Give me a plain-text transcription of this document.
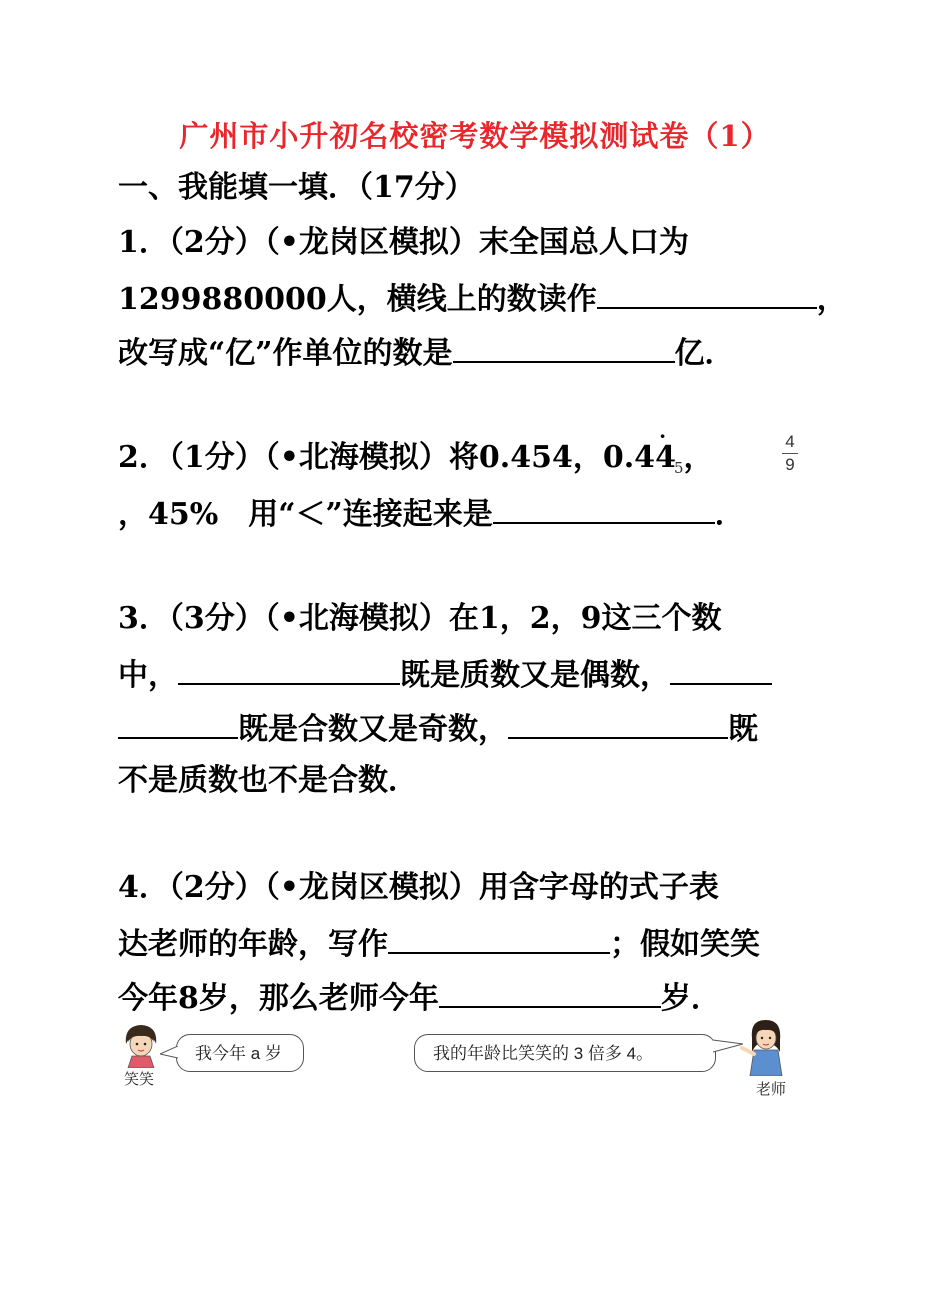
广州市小升初名校密考数学模拟测试卷（1）
一、我能填一填．（17分）
1．（2分）（•龙岗区模拟）末全国总人口为
1299880000人，横线上的数读作	，
改写成“亿”作单位的数是	亿．
2．（1分）（•北海模拟）将0.454，$0.44 \cdot_5$，	4
9
，45%　用“＜”连接起来是	．
3．（3分）（•北海模拟）在1，2，9这三个数
中，	既是质数又是偶数，
既是合数又是奇数，	既
不是质数也不是合数．
4．（2分）（•龙岗区模拟）用含字母的式子表
达老师的年龄，写作	；假如笑笑
今年8岁，那么老师今年	岁．
笑笑
我今年 a 岁	我的年龄比笑笑的 3 倍多 4。
老师
